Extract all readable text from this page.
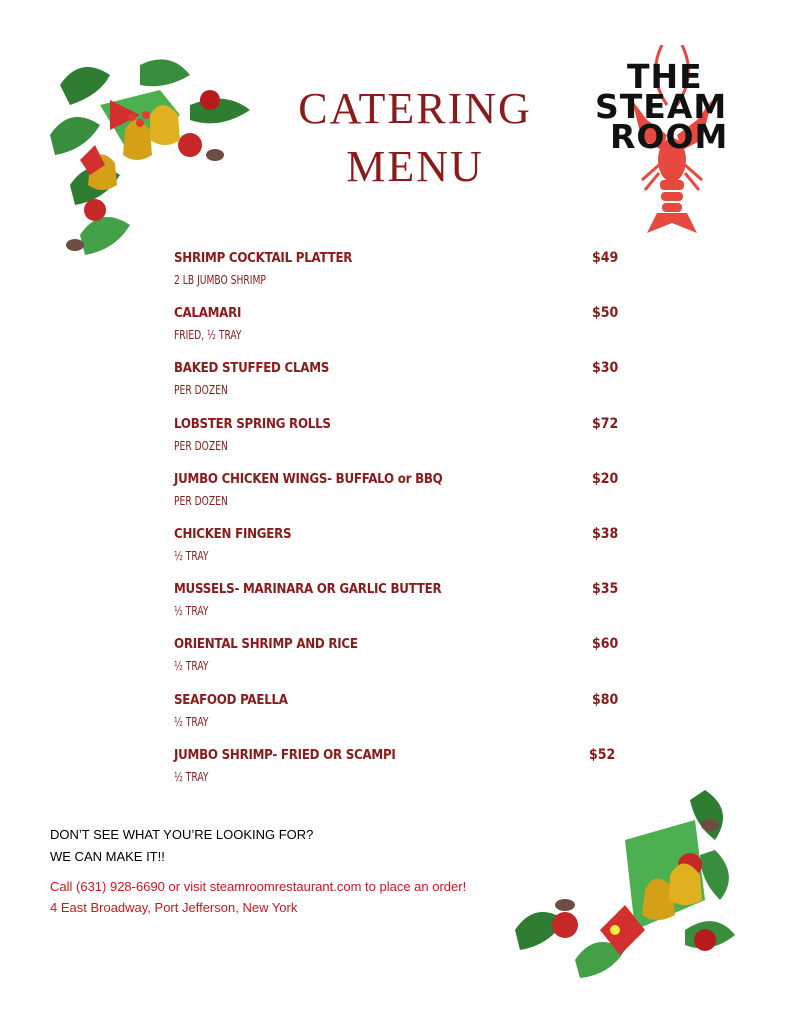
CATERING
MENU
THE
STEAM
ROOM
SHRIMP COCKTAIL PLATTER
2 LB JUMBO SHRIMP
$49
CALAMARI
FRIED, ½ TRAY
$50
BAKED STUFFED CLAMS
PER DOZEN
$30
LOBSTER SPRING ROLLS
PER DOZEN
$72
JUMBO CHICKEN WINGS- BUFFALO or BBQ
PER DOZEN
$20
CHICKEN FINGERS
½ TRAY
$38
MUSSELS- MARINARA OR GARLIC BUTTER
½ TRAY
$35
ORIENTAL SHRIMP AND RICE
½ TRAY
$60
SEAFOOD PAELLA
½ TRAY
$80
JUMBO SHRIMP- FRIED OR SCAMPI
½ TRAY
$52
DON’T SEE WHAT YOU’RE LOOKING FOR?
WE CAN MAKE IT!!
Call (631) 928-6690 or visit steamroomrestaurant.com to place an order!
4 East Broadway, Port Jefferson, New York
